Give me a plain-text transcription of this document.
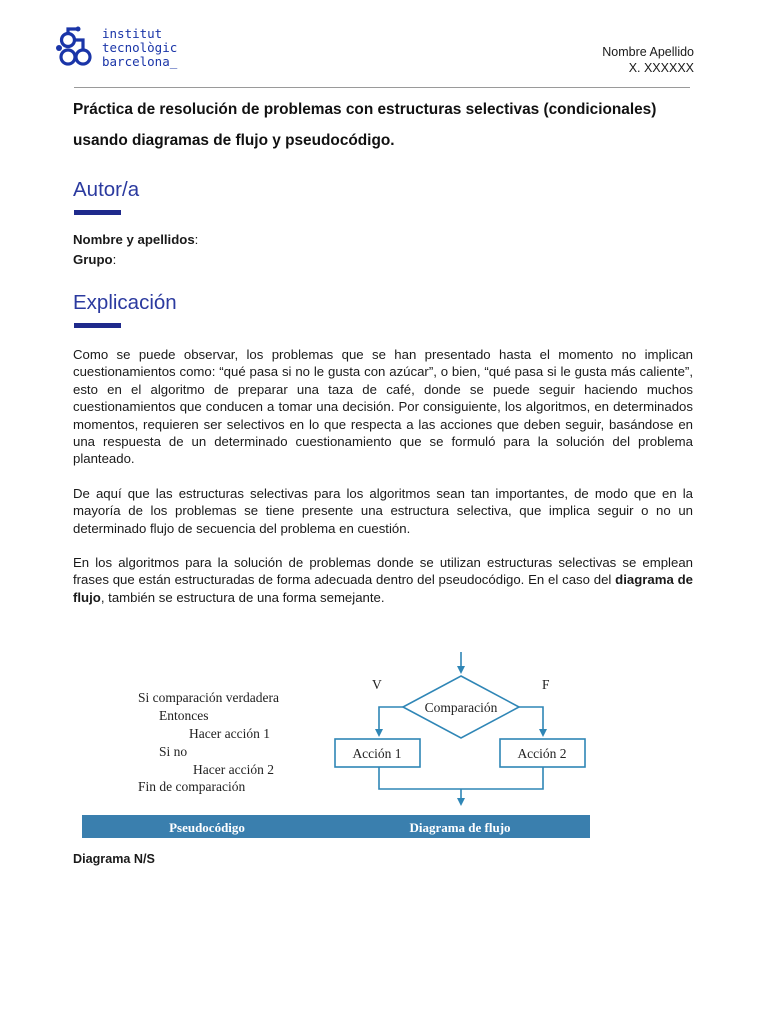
institut
tecnològic
barcelona_
Nombre Apellido
X. XXXXXX
Práctica de resolución de problemas con estructuras selectivas (condicionales) usando diagramas de flujo y pseudocódigo.
Autor/a
Nombre y apellidos:
Grupo:
Explicación
Como se puede observar, los problemas que se han presentado hasta el momento no implican cuestionamientos como: “qué pasa si no le gusta con azúcar”, o bien, “qué pasa si le gusta más caliente”, esto en el algoritmo de preparar una taza de café, donde se puede seguir haciendo muchos cuestionamientos que conducen a tomar una decisión. Por consiguiente, los algoritmos, en determinados momentos, requieren ser selectivos en lo que respecta a las acciones que deben seguir, basándose en una respuesta de un determinado cuestionamiento que se formuló para la solución del problema planteado.
De aquí que las estructuras selectivas para los algoritmos sean tan importantes, de modo que en la mayoría de los problemas se tiene presente una estructura selectiva, que implica seguir o no un determinado flujo de secuencia del problema en cuestión.
En los algoritmos para la solución de problemas donde se utilizan estructuras selectivas se emplean frases que están estructuradas de forma adecuada dentro del pseudocódigo. En el caso del diagrama de flujo, también se estructura de una forma semejante.
Si comparación verdadera
Entonces
Hacer acción 1
Si no
Hacer acción 2
Fin de comparación
V	F
Comparación
Acción 1	Acción 2
Pseudocódigo	Diagrama de flujo
Diagrama N/S
